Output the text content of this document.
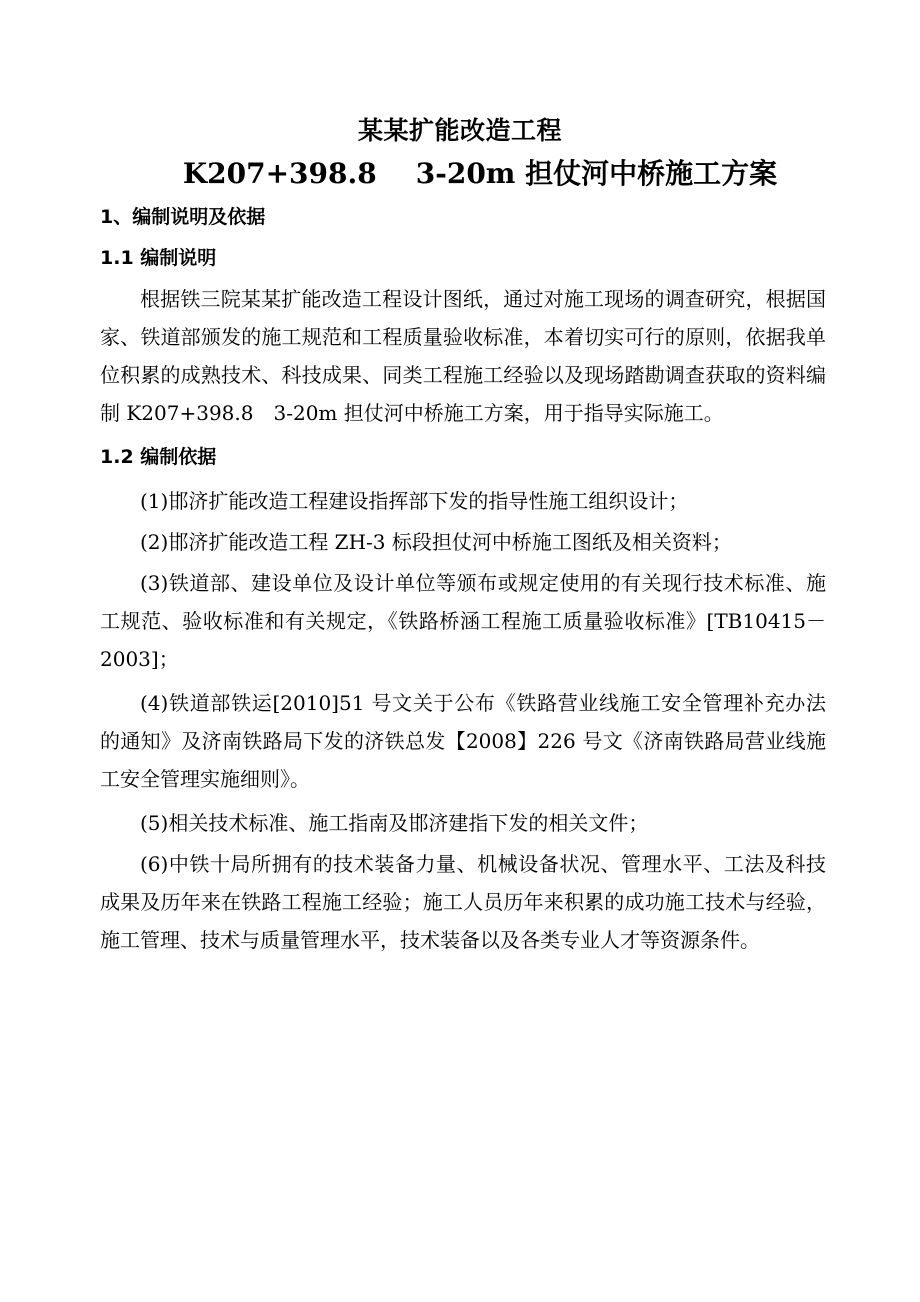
某某扩能改造工程
K207+398.8    3-20m 担仗河中桥施工方案
1、编制说明及依据
1.1 编制说明

根据铁三院某某扩能改造工程设计图纸，通过对施工现场的调查研究，根据国家、铁道部颁发的施工规范和工程质量验收标准，本着切实可行的原则，依据我单位积累的成熟技术、科技成果、同类工程施工经验以及现场踏勘调查获取的资料编制 K207+398.8　3-20m 担仗河中桥施工方案，用于指导实际施工。

1.2 编制依据

(1)邯济扩能改造工程建设指挥部下发的指导性施工组织设计；

(2)邯济扩能改造工程 ZH-3 标段担仗河中桥施工图纸及相关资料；

(3)铁道部、建设单位及设计单位等颁布或规定使用的有关现行技术标准、施工规范、验收标准和有关规定，《铁路桥涵工程施工质量验收标准》[TB10415－2003]；

(4)铁道部铁运[2010]51 号文关于公布《铁路营业线施工安全管理补充办法的通知》及济南铁路局下发的济铁总发【2008】226 号文《济南铁路局营业线施工安全管理实施细则》。

(5)相关技术标准、施工指南及邯济建指下发的相关文件；

(6)中铁十局所拥有的技术装备力量、机械设备状况、管理水平、工法及科技成果及历年来在铁路工程施工经验；施工人员历年来积累的成功施工技术与经验，施工管理、技术与质量管理水平，技术装备以及各类专业人才等资源条件。
